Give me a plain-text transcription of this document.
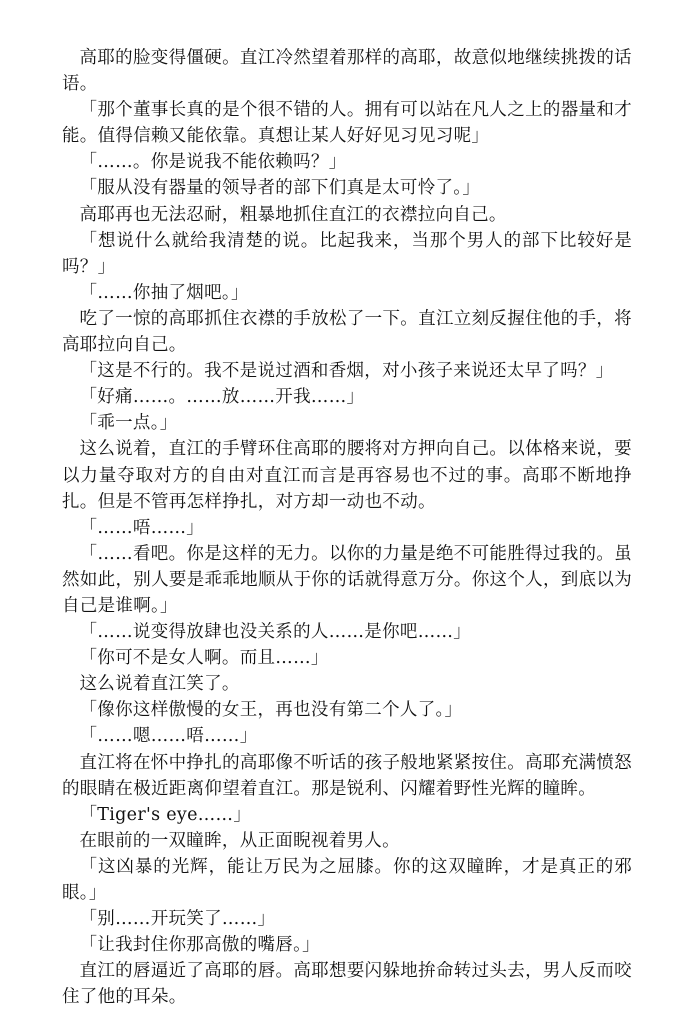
高耶的脸变得僵硬。直江冷然望着那样的高耶，故意似地继续挑拨的话语。

「那个董事长真的是个很不错的人。拥有可以站在凡人之上的器量和才能。值得信赖又能依靠。真想让某人好好见习见习呢」

「……。你是说我不能依赖吗？」

「服从没有器量的领导者的部下们真是太可怜了。」

高耶再也无法忍耐，粗暴地抓住直江的衣襟拉向自己。

「想说什么就给我清楚的说。比起我来，当那个男人的部下比较好是吗？」

「……你抽了烟吧。」

吃了一惊的高耶抓住衣襟的手放松了一下。直江立刻反握住他的手，将高耶拉向自己。

「这是不行的。我不是说过酒和香烟，对小孩子来说还太早了吗？」

「好痛……。……放……开我……」

「乖一点。」

这么说着，直江的手臂环住高耶的腰将对方押向自己。以体格来说，要以力量夺取对方的自由对直江而言是再容易也不过的事。高耶不断地挣扎。但是不管再怎样挣扎，对方却一动也不动。

「……唔……」

「……看吧。你是这样的无力。以你的力量是绝不可能胜得过我的。虽然如此，别人要是乖乖地顺从于你的话就得意万分。你这个人，到底以为自己是谁啊。」

「……说变得放肆也没关系的人……是你吧……」

「你可不是女人啊。而且……」

这么说着直江笑了。

「像你这样傲慢的女王，再也没有第二个人了。」

「……嗯……唔……」

直江将在怀中挣扎的高耶像不听话的孩子般地紧紧按住。高耶充满愤怒的眼睛在极近距离仰望着直江。那是锐利、闪耀着野性光辉的瞳眸。

「Tiger's eye……」

在眼前的一双瞳眸，从正面睨视着男人。

「这凶暴的光辉，能让万民为之屈膝。你的这双瞳眸，才是真正的邪眼。」

「别……开玩笑了……」

「让我封住你那高傲的嘴唇。」

直江的唇逼近了高耶的唇。高耶想要闪躲地拚命转过头去，男人反而咬住了他的耳朵。
